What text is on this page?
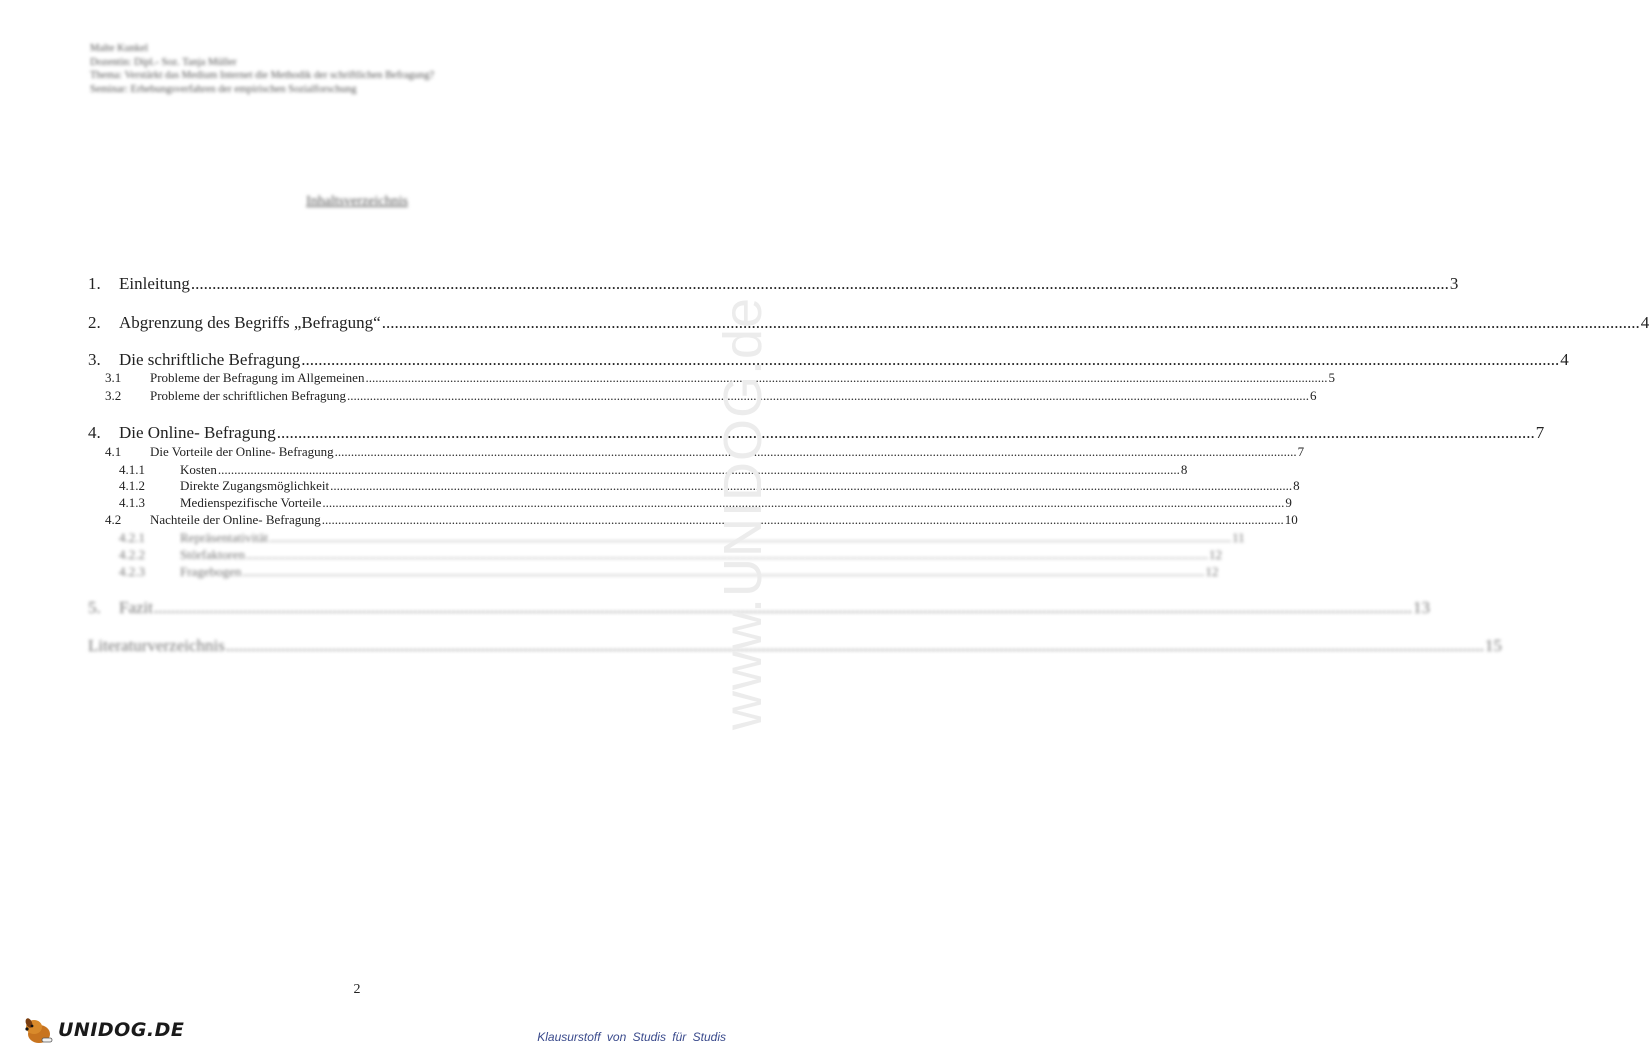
Malte Kunkel
Dozentin: Dipl.- Soz. Tanja Müller
Thema: Verstärkt das Medium Internet die Methodik der schriftlichen Befragung?
Seminar: Erhebungsverfahren der empirischen Sozialforschung
Inhaltsverzeichnis
1.	Einleitung .....	3
2.	Abgrenzung des Begriffs „Befragung“ .....	4
3.	Die schriftliche Befragung .....	4
3.1	Probleme der Befragung im Allgemeinen .....	5
3.2	Probleme der schriftlichen Befragung .....	6
4.	Die Online- Befragung .....	7
4.1	Die Vorteile der Online- Befragung .....	7
4.1.1	Kosten .....	8
4.1.2	Direkte Zugangsmöglichkeit .....	8
4.1.3	Medienspezifische Vorteile .....	9
4.2	Nachteile der Online- Befragung .....	10
4.2.1	Repräsentativität .....	11
4.2.2	Störfaktoren .....	12
4.2.3	Fragebogen .....	12
5.	Fazit .....	13
Literaturverzeichnis .....	15
www.UNIDOG.de
2
UNIDOG.DE	Klausurstoff von Studis für Studis
